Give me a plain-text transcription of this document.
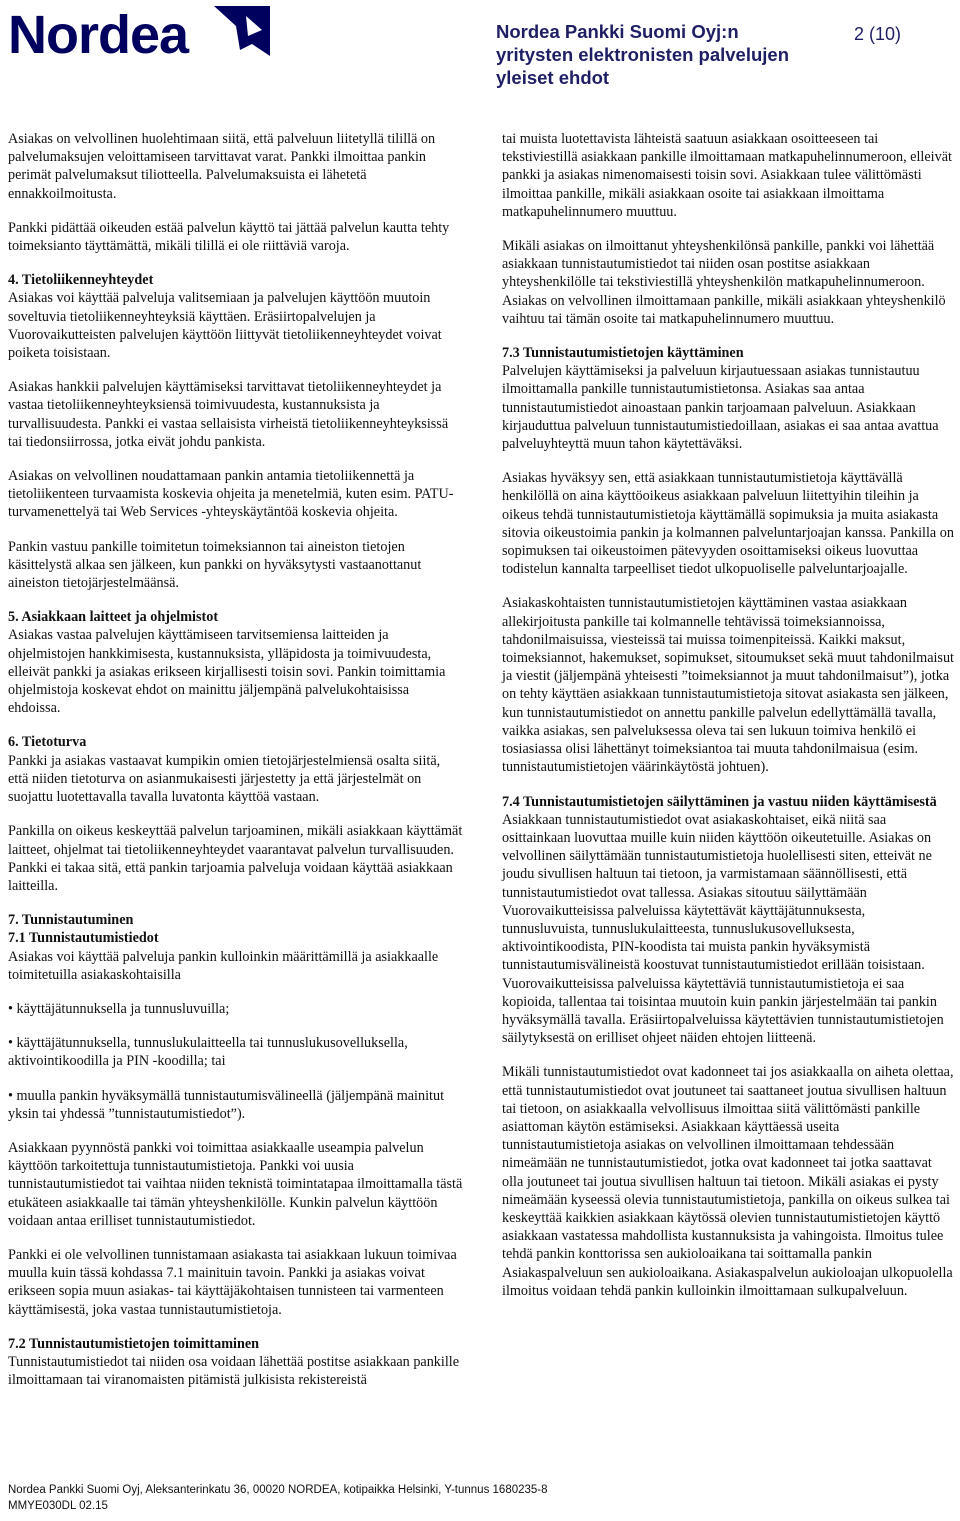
Nordea	Nordea Pankki Suomi Oyj:n
yritysten elektronisten palvelujen
yleiset ehdot
2 (10)

Asiakas on velvollinen huolehtimaan siitä, että palveluun liitetyllä tilillä on palvelumaksujen veloittamiseen tarvittavat varat. Pankki ilmoittaa pankin perimät palvelumaksut tiliotteella. Palvelumaksuista ei lähetetä ennakkoilmoitusta.

Pankki pidättää oikeuden estää palvelun käyttö tai jättää palvelun kautta tehty toimeksianto täyttämättä, mikäli tilillä ei ole riittäviä varoja.

4. Tietoliikenneyhteydet

Asiakas voi käyttää palveluja valitsemiaan ja palvelujen käyttöön muutoin soveltuvia tietoliikenneyhteyksiä käyttäen. Eräsiirtopalvelujen ja Vuorovaikutteisten palvelujen käyttöön liittyvät tietoliikenneyhteydet voivat poiketa toisistaan.

Asiakas hankkii palvelujen käyttämiseksi tarvittavat tietoliikenneyhteydet ja vastaa tietoliikenneyhteyksiensä toimivuudesta, kustannuksista ja turvallisuudesta. Pankki ei vastaa sellaisista virheistä tietoliikenneyhteyksissä tai tiedonsiirrossa, jotka eivät johdu pankista.

Asiakas on velvollinen noudattamaan pankin antamia tietoliikennettä ja tietoliikenteen turvaamista koskevia ohjeita ja menetelmiä, kuten esim. PATU-turvamenettelyä tai Web Services -yhteyskäytäntöä koskevia ohjeita.

Pankin vastuu pankille toimitetun toimeksiannon tai aineiston tietojen käsittelystä alkaa sen jälkeen, kun pankki on hyväksytysti vastaanottanut aineiston tietojärjestelmäänsä.

5. Asiakkaan laitteet ja ohjelmistot

Asiakas vastaa palvelujen käyttämiseen tarvitsemiensa laitteiden ja ohjelmistojen hankkimisesta, kustannuksista, ylläpidosta ja toimivuudesta, elleivät pankki ja asiakas erikseen kirjallisesti toisin sovi. Pankin toimittamia ohjelmistoja koskevat ehdot on mainittu jäljempänä palvelukohtaisissa ehdoissa.

6. Tietoturva

Pankki ja asiakas vastaavat kumpikin omien tietojärjestelmiensä osalta siitä, että niiden tietoturva on asianmukaisesti järjestetty ja että järjestelmät on suojattu luotettavalla tavalla luvatonta käyttöä vastaan.

Pankilla on oikeus keskeyttää palvelun tarjoaminen, mikäli asiakkaan käyttämät laitteet, ohjelmat tai tietoliikenneyhteydet vaarantavat palvelun turvallisuuden. Pankki ei takaa sitä, että pankin tarjoamia palveluja voidaan käyttää asiakkaan laitteilla.

7. Tunnistautuminen
7.1 Tunnistautumistiedot

Asiakas voi käyttää palveluja pankin kulloinkin määrittämillä ja asiakkaalle toimitetuilla asiakaskohtaisilla

• käyttäjätunnuksella ja tunnusluvuilla;

• käyttäjätunnuksella, tunnuslukulaitteella tai tunnuslukusovelluksella, aktivointikoodilla ja PIN -koodilla; tai

• muulla pankin hyväksymällä tunnistautumisvälineellä (jäljempänä mainitut yksin tai yhdessä ”tunnistautumistiedot”).

Asiakkaan pyynnöstä pankki voi toimittaa asiakkaalle useampia palvelun käyttöön tarkoitettuja tunnistautumistietoja. Pankki voi uusia tunnistautumistiedot tai vaihtaa niiden teknistä toimintatapaa ilmoittamalla tästä etukäteen asiakkaalle tai tämän yhteyshenkilölle. Kunkin palvelun käyttöön voidaan antaa erilliset tunnistautumistiedot.

Pankki ei ole velvollinen tunnistamaan asiakasta tai asiakkaan lukuun toimivaa muulla kuin tässä kohdassa 7.1 mainituin tavoin. Pankki ja asiakas voivat erikseen sopia muun asiakas- tai käyttäjäkohtaisen tunnisteen tai varmenteen käyttämisestä, joka vastaa tunnistautumistietoja.

7.2 Tunnistautumistietojen toimittaminen

Tunnistautumistiedot tai niiden osa voidaan lähettää postitse asiakkaan pankille ilmoittamaan tai viranomaisten pitämistä julkisista rekistereistä

tai muista luotettavista lähteistä saatuun asiakkaan osoitteeseen tai tekstiviestillä asiakkaan pankille ilmoittamaan matkapuhelinnumeroon, elleivät pankki ja asiakas nimenomaisesti toisin sovi. Asiakkaan tulee välittömästi ilmoittaa pankille, mikäli asiakkaan osoite tai asiakkaan ilmoittama matkapuhelinnumero muuttuu.

Mikäli asiakas on ilmoittanut yhteyshenkilönsä pankille, pankki voi lähettää asiakkaan tunnistautumistiedot tai niiden osan postitse asiakkaan yhteyshenkilölle tai tekstiviestillä yhteyshenkilön matkapuhelinnumeroon. Asiakas on velvollinen ilmoittamaan pankille, mikäli asiakkaan yhteyshenkilö vaihtuu tai tämän osoite tai matkapuhelinnumero muuttuu.

7.3 Tunnistautumistietojen käyttäminen

Palvelujen käyttämiseksi ja palveluun kirjautuessaan asiakas tunnistautuu ilmoittamalla pankille tunnistautumistietonsa. Asiakas saa antaa tunnistautumistiedot ainoastaan pankin tarjoamaan palveluun. Asiakkaan kirjauduttua palveluun tunnistautumistiedoillaan, asiakas ei saa antaa avattua palveluyhteyttä muun tahon käytettäväksi.

Asiakas hyväksyy sen, että asiakkaan tunnistautumistietoja käyttävällä henkilöllä on aina käyttöoikeus asiakkaan palveluun liitettyihin tileihin ja oikeus tehdä tunnistautumistietoja käyttämällä sopimuksia ja muita asiakasta sitovia oikeustoimia pankin ja kolmannen palveluntarjoajan kanssa. Pankilla on sopimuksen tai oikeustoimen pätevyyden osoittamiseksi oikeus luovuttaa todistelun kannalta tarpeelliset tiedot ulkopuoliselle palveluntarjoajalle.

Asiakaskohtaisten tunnistautumistietojen käyttäminen vastaa asiakkaan allekirjoitusta pankille tai kolmannelle tehtävissä toimeksiannoissa, tahdonilmaisuissa, viesteissä tai muissa toimenpiteissä. Kaikki maksut, toimeksiannot, hakemukset, sopimukset, sitoumukset sekä muut tahdonilmaisut ja viestit (jäljempänä yhteisesti ”toimeksiannot ja muut tahdonilmaisut”), jotka on tehty käyttäen asiakkaan tunnistautumistietoja sitovat asiakasta sen jälkeen, kun tunnistautumistiedot on annettu pankille palvelun edellyttämällä tavalla, vaikka asiakas, sen palveluksessa oleva tai sen lukuun toimiva henkilö ei tosiasiassa olisi lähettänyt toimeksiantoa tai muuta tahdonilmaisua (esim. tunnistautumistietojen väärinkäytöstä johtuen).

7.4 Tunnistautumistietojen säilyttäminen ja vastuu niiden käyttämisestä

Asiakkaan tunnistautumistiedot ovat asiakaskohtaiset, eikä niitä saa osittainkaan luovuttaa muille kuin niiden käyttöön oikeutetuille. Asiakas on velvollinen säilyttämään tunnistautumistietoja huolellisesti siten, etteivät ne joudu sivullisen haltuun tai tietoon, ja varmistamaan säännöllisesti, että tunnistautumistiedot ovat tallessa. Asiakas sitoutuu säilyttämään Vuorovaikutteisissa palveluissa käytettävät käyttäjätunnuksesta, tunnusluvuista, tunnuslukulaitteesta, tunnuslukusovelluksesta, aktivointikoodista, PIN-koodista tai muista pankin hyväksymistä tunnistautumisvälineistä koostuvat tunnistautumistiedot erillään toisistaan. Vuorovaikutteisissa palveluissa käytettäviä tunnistautumistietoja ei saa kopioida, tallentaa tai toisintaa muutoin kuin pankin järjestelmään tai pankin hyväksymällä tavalla. Eräsiirtopalveluissa käytettävien tunnistautumistietojen säilytyksestä on erilliset ohjeet näiden ehtojen liitteenä.

Mikäli tunnistautumistiedot ovat kadonneet tai jos asiakkaalla on aiheta olettaa, että tunnistautumistiedot ovat joutuneet tai saattaneet joutua sivullisen haltuun tai tietoon, on asiakkaalla velvollisuus ilmoittaa siitä välittömästi pankille asiattoman käytön estämiseksi. Asiakkaan käyttäessä useita tunnistautumistietoja asiakas on velvollinen ilmoittamaan tehdessään nimeämään ne tunnistautumistiedot, jotka ovat kadonneet tai jotka saattavat olla joutuneet tai joutua sivullisen haltuun tai tietoon. Mikäli asiakas ei pysty nimeämään kyseessä olevia tunnistautumistietoja, pankilla on oikeus sulkea tai keskeyttää kaikkien asiakkaan käytössä olevien tunnistautumistietojen käyttö asiakkaan vastatessa mahdollista kustannuksista ja vahingoista. Ilmoitus tulee tehdä pankin konttorissa sen aukioloaikana tai soittamalla pankin Asiakaspalveluun sen aukioloaikana. Asiakaspalvelun aukioloajan ulkopuolella ilmoitus voidaan tehdä pankin kulloinkin ilmoittamaan sulkupalveluun.

Nordea Pankki Suomi Oyj, Aleksanterinkatu 36, 00020 NORDEA, kotipaikka Helsinki, Y-tunnus 1680235-8
MMYE030DL 02.15
